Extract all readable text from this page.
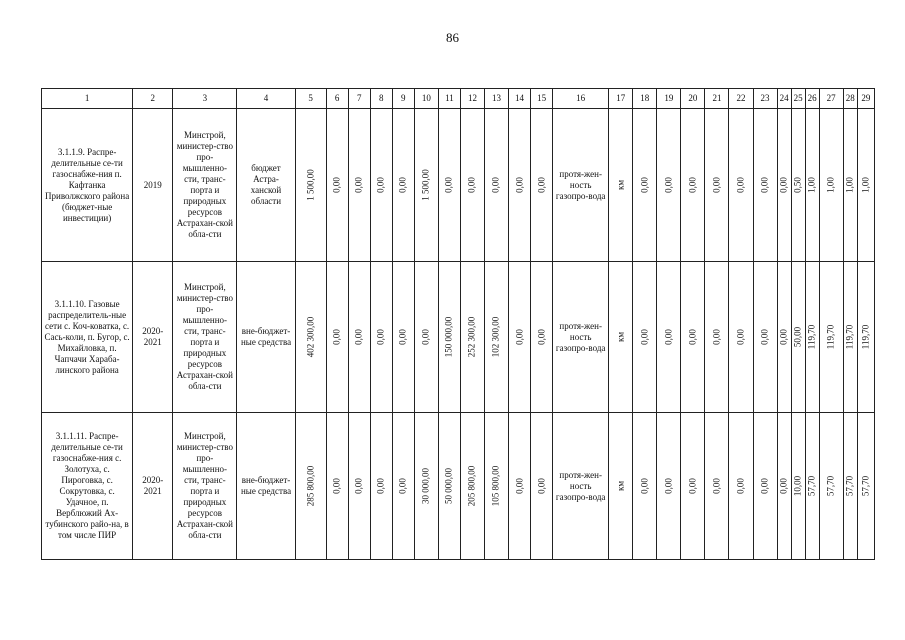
86
1	2	3	4	5	6	7	8	9	10	11	12	13	14	15	16	17	18	19	20	21	22	23	24	25	26	27	28	29
3.1.1.9. Распре-делительные се-ти газоснабже-ния п. Кафтанка Приволжского района (бюджет-ные инвестиции)	2019	Минстрой, министер-ство про-мышленно-сти, транс-порта и природных ресурсов Астрахан-ской обла-сти	бюджет Астра-ханской области	1 500,00	0,00	0,00	0,00	0,00	1 500,00	0,00	0,00	0,00	0,00	0,00	протя-жен-ность газопро-вода	км	0,00	0,00	0,00	0,00	0,00	0,00	0,00	0,50	1,00	1,00	1,00	1,00

3.1.1.10. Газовые распределитель-ные сети с. Коч-коватка, с. Сась-коли, п. Бугор, с. Михайловка, п. Чапчачи Хараба-линского района	2020-2021	Минстрой, министер-ство про-мышленно-сти, транс-порта и природных ресурсов Астрахан-ской обла-сти	вне-бюджет-ные средства	402 300,00	0,00	0,00	0,00	0,00	0,00	150 000,00	252 300,00	102 300,00	0,00	0,00	протя-жен-ность газопро-вода	км	0,00	0,00	0,00	0,00	0,00	0,00	0,00	50,00	119,70	119,70	119,70	119,70

3.1.1.11. Распре-делительные се-ти газоснабже-ния с. Золотуха, с. Пироговка, с. Сокрутовка, с. Удачное, п. Верблюжий Ах-тубинского райо-на, в том числе ПИР	2020-2021	Минстрой, министер-ство про-мышленно-сти, транс-порта и природных ресурсов Астрахан-ской обла-сти	вне-бюджет-ные средства	285 800,00	0,00	0,00	0,00	0,00	30 000,00	50 000,00	205 800,00	105 800,00	0,00	0,00	протя-жен-ность газопро-вода	км	0,00	0,00	0,00	0,00	0,00	0,00	0,00	10,00	57,70	57,70	57,70	57,70
